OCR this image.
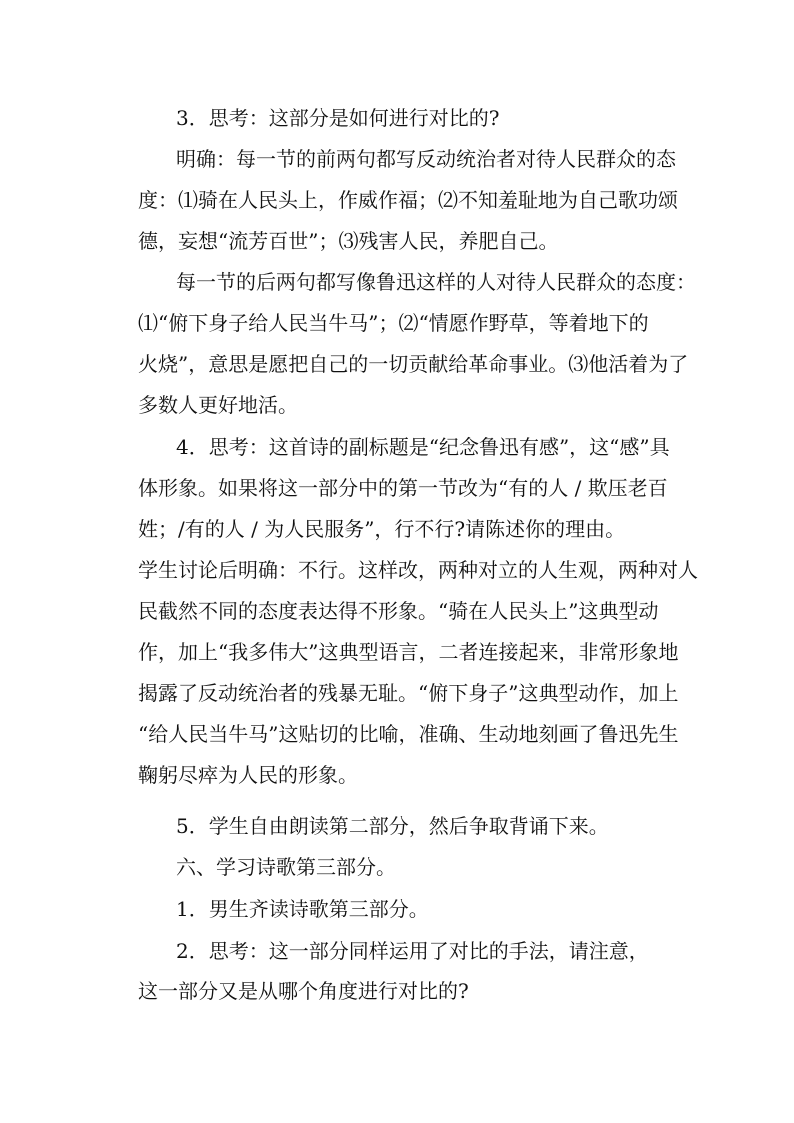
3．思考：这部分是如何进行对比的?
明确：每一节的前两句都写反动统治者对待人民群众的态
度：⑴骑在人民头上，作威作福；⑵不知羞耻地为自己歌功颂
德，妄想“流芳百世”；⑶残害人民，养肥自己。
每一节的后两句都写像鲁迅这样的人对待人民群众的态度：
⑴“俯下身子给人民当牛马”；⑵“情愿作野草，等着地下的
火烧”，意思是愿把自己的一切贡献给革命事业。⑶他活着为了
多数人更好地活。
4．思考：这首诗的副标题是“纪念鲁迅有感”，这“感”具
体形象。如果将这一部分中的第一节改为“有的人 / 欺压老百
姓；/有的人 / 为人民服务”，行不行?请陈述你的理由。
学生讨论后明确：不行。这样改，两种对立的人生观，两种对人
民截然不同的态度表达得不形象。“骑在人民头上”这典型动
作，加上“我多伟大”这典型语言，二者连接起来，非常形象地
揭露了反动统治者的残暴无耻。“俯下身子”这典型动作，加上
“给人民当牛马”这贴切的比喻，准确、生动地刻画了鲁迅先生
鞠躬尽瘁为人民的形象。
5．学生自由朗读第二部分，然后争取背诵下来。
六、学习诗歌第三部分。
1．男生齐读诗歌第三部分。
2．思考：这一部分同样运用了对比的手法，请注意，
这一部分又是从哪个角度进行对比的?
